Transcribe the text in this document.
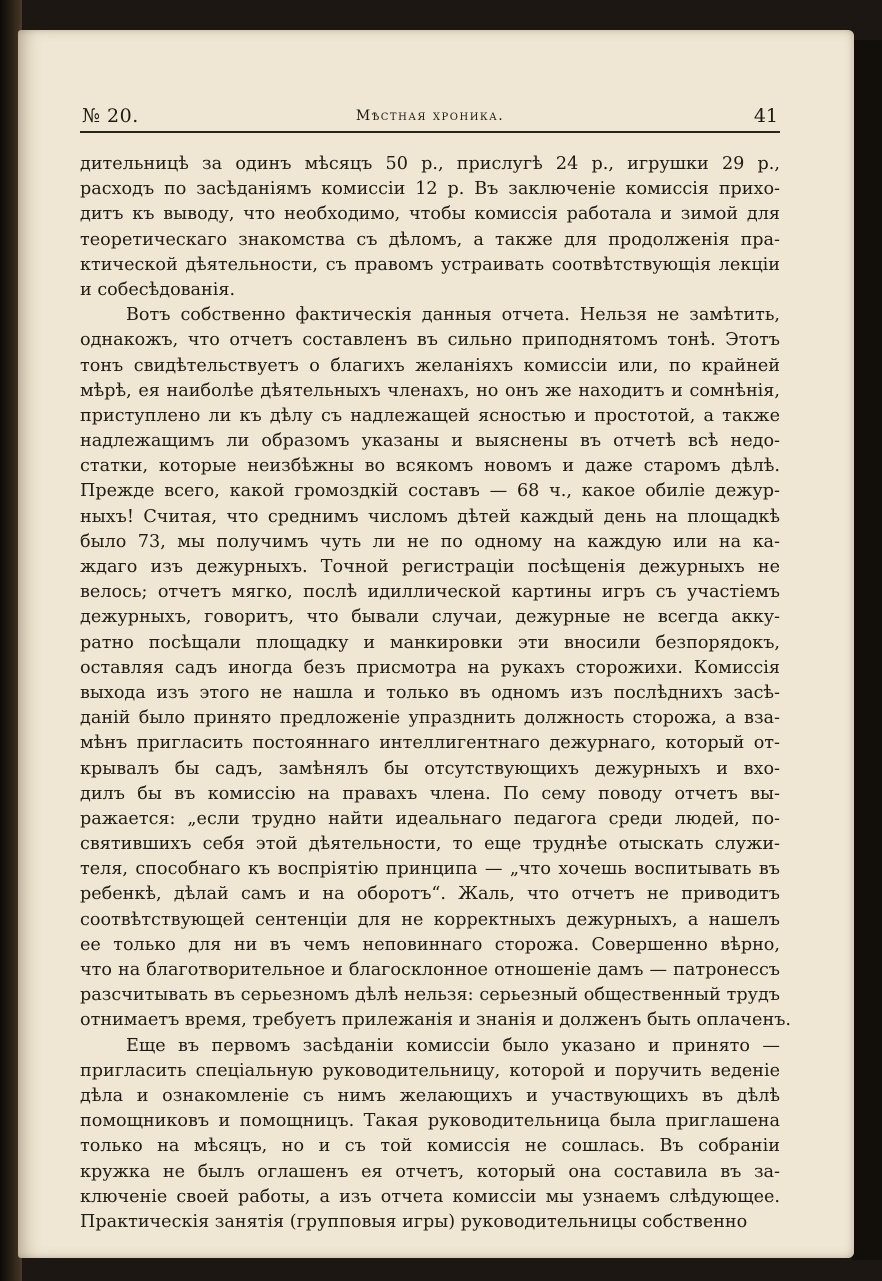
№ 20.	Мѣстная хроника.	41
дительницѣ за одинъ мѣсяцъ 50 р., прислугѣ 24 р., игрушки 29 р.,
расходъ по засѣданіямъ комиссіи 12 р. Въ заключеніе комиссія прихо-
дитъ къ выводу, что необходимо, чтобы комиссія работала и зимой для
теоретическаго знакомства съ дѣломъ, а также для продолженія пра-
ктической дѣятельности, съ правомъ устраивать соотвѣтствующія лекціи
и собесѣдованія.
Вотъ собственно фактическія данныя отчета. Нельзя не замѣтить,
однакожъ, что отчетъ составленъ въ сильно приподнятомъ тонѣ. Этотъ
тонъ свидѣтельствуетъ о благихъ желаніяхъ комиссіи или, по крайней
мѣрѣ, ея наиболѣе дѣятельныхъ членахъ, но онъ же находитъ и сомнѣнія,
приступлено ли къ дѣлу съ надлежащей ясностью и простотой, а также
надлежащимъ ли образомъ указаны и выяснены въ отчетѣ всѣ недо-
статки, которые неизбѣжны во всякомъ новомъ и даже старомъ дѣлѣ.
Прежде всего, какой громоздкій составъ — 68 ч., какое обиліе дежур-
ныхъ! Считая, что среднимъ числомъ дѣтей каждый день на площадкѣ
было 73, мы получимъ чуть ли не по одному на каждую или на ка-
ждаго изъ дежурныхъ. Точной регистраціи посѣщенія дежурныхъ не
велось; отчетъ мягко, послѣ идиллической картины игръ съ участіемъ
дежурныхъ, говоритъ, что бывали случаи, дежурные не всегда акку-
ратно посѣщали площадку и манкировки эти вносили безпорядокъ,
оставляя садъ иногда безъ присмотра на рукахъ сторожихи. Комиссія
выхода изъ этого не нашла и только въ одномъ изъ послѣднихъ засѣ-
даній было принято предложеніе упразднить должность сторожа, а вза-
мѣнъ пригласить постояннаго интеллигентнаго дежурнаго, который от-
крывалъ бы садъ, замѣнялъ бы отсутствующихъ дежурныхъ и вхо-
дилъ бы въ комиссію на правахъ члена. По сему поводу отчетъ вы-
ражается: „если трудно найти идеальнаго педагога среди людей, по-
святившихъ себя этой дѣятельности, то еще труднѣе отыскать служи-
теля, способнаго къ воспріятію принципа — „что хочешь воспитывать въ
ребенкѣ, дѣлай самъ и на оборотъ“. Жаль, что отчетъ не приводитъ
соотвѣтствующей сентенціи для не корректныхъ дежурныхъ, а нашелъ
ее только для ни въ чемъ неповиннаго сторожа. Совершенно вѣрно,
что на благотворительное и благосклонное отношеніе дамъ — патронессъ
разсчитывать въ серьезномъ дѣлѣ нельзя: серьезный общественный трудъ
отнимаетъ время, требуетъ прилежанія и знанія и долженъ быть оплаченъ.
Еще въ первомъ засѣданіи комиссіи было указано и принято —
пригласить спеціальную руководительницу, которой и поручить веденіе
дѣла и ознакомленіе съ нимъ желающихъ и участвующихъ въ дѣлѣ
помощниковъ и помощницъ. Такая руководительница была приглашена
только на мѣсяцъ, но и съ той комиссія не сошлась. Въ собраніи
кружка не былъ оглашенъ ея отчетъ, который она составила въ за-
ключеніе своей работы, а изъ отчета комиссіи мы узнаемъ слѣдующее.
Практическія занятія (групповыя игры) руководительницы собственно
